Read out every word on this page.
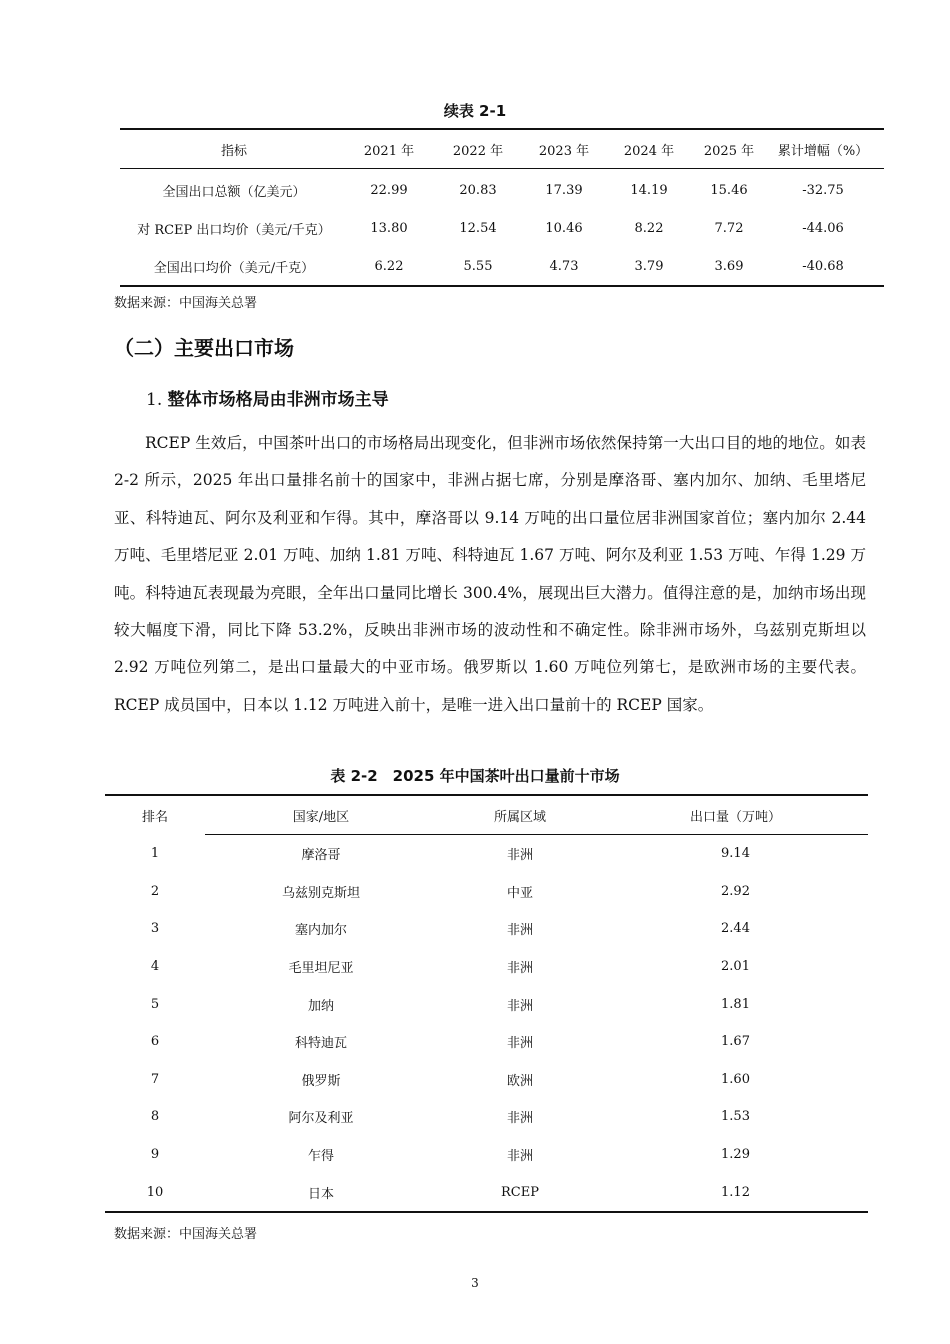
续表 2-1
指标	2021 年	2022 年	2023 年	2024 年	2025 年	累计增幅（%）
全国出口总额（亿美元）	22.99	20.83	17.39	14.19	15.46	-32.75
对 RCEP 出口均价（美元/千克）	13.80	12.54	10.46	8.22	7.72	-44.06
全国出口均价（美元/千克）	6.22	5.55	4.73	3.79	3.69	-40.68
数据来源：中国海关总署
（二）主要出口市场
1. 整体市场格局由非洲市场主导
RCEP 生效后，中国茶叶出口的市场格局出现变化，但非洲市场依然保持第一大出口目的地的地位。如表 2-2 所示，2025 年出口量排名前十的国家中，非洲占据七席，分别是摩洛哥、塞内加尔、加纳、毛里塔尼亚、科特迪瓦、阿尔及利亚和乍得。其中，摩洛哥以 9.14 万吨的出口量位居非洲国家首位；塞内加尔 2.44 万吨、毛里塔尼亚 2.01 万吨、加纳 1.81 万吨、科特迪瓦 1.67 万吨、阿尔及利亚 1.53 万吨、乍得 1.29 万吨。科特迪瓦表现最为亮眼，全年出口量同比增长 300.4%，展现出巨大潜力。值得注意的是，加纳市场出现较大幅度下滑，同比下降 53.2%，反映出非洲市场的波动性和不确定性。除非洲市场外，乌兹别克斯坦以 2.92 万吨位列第二，是出口量最大的中亚市场。俄罗斯以 1.60 万吨位列第七，是欧洲市场的主要代表。RCEP 成员国中，日本以 1.12 万吨进入前十，是唯一进入出口量前十的 RCEP 国家。
表 2-2　2025 年中国茶叶出口量前十市场
排名	国家/地区	所属区域	出口量（万吨）
1	摩洛哥	非洲	9.14
2	乌兹别克斯坦	中亚	2.92
3	塞内加尔	非洲	2.44
4	毛里坦尼亚	非洲	2.01
5	加纳	非洲	1.81
6	科特迪瓦	非洲	1.67
7	俄罗斯	欧洲	1.60
8	阿尔及利亚	非洲	1.53
9	乍得	非洲	1.29
10	日本	RCEP	1.12
数据来源：中国海关总署
3
